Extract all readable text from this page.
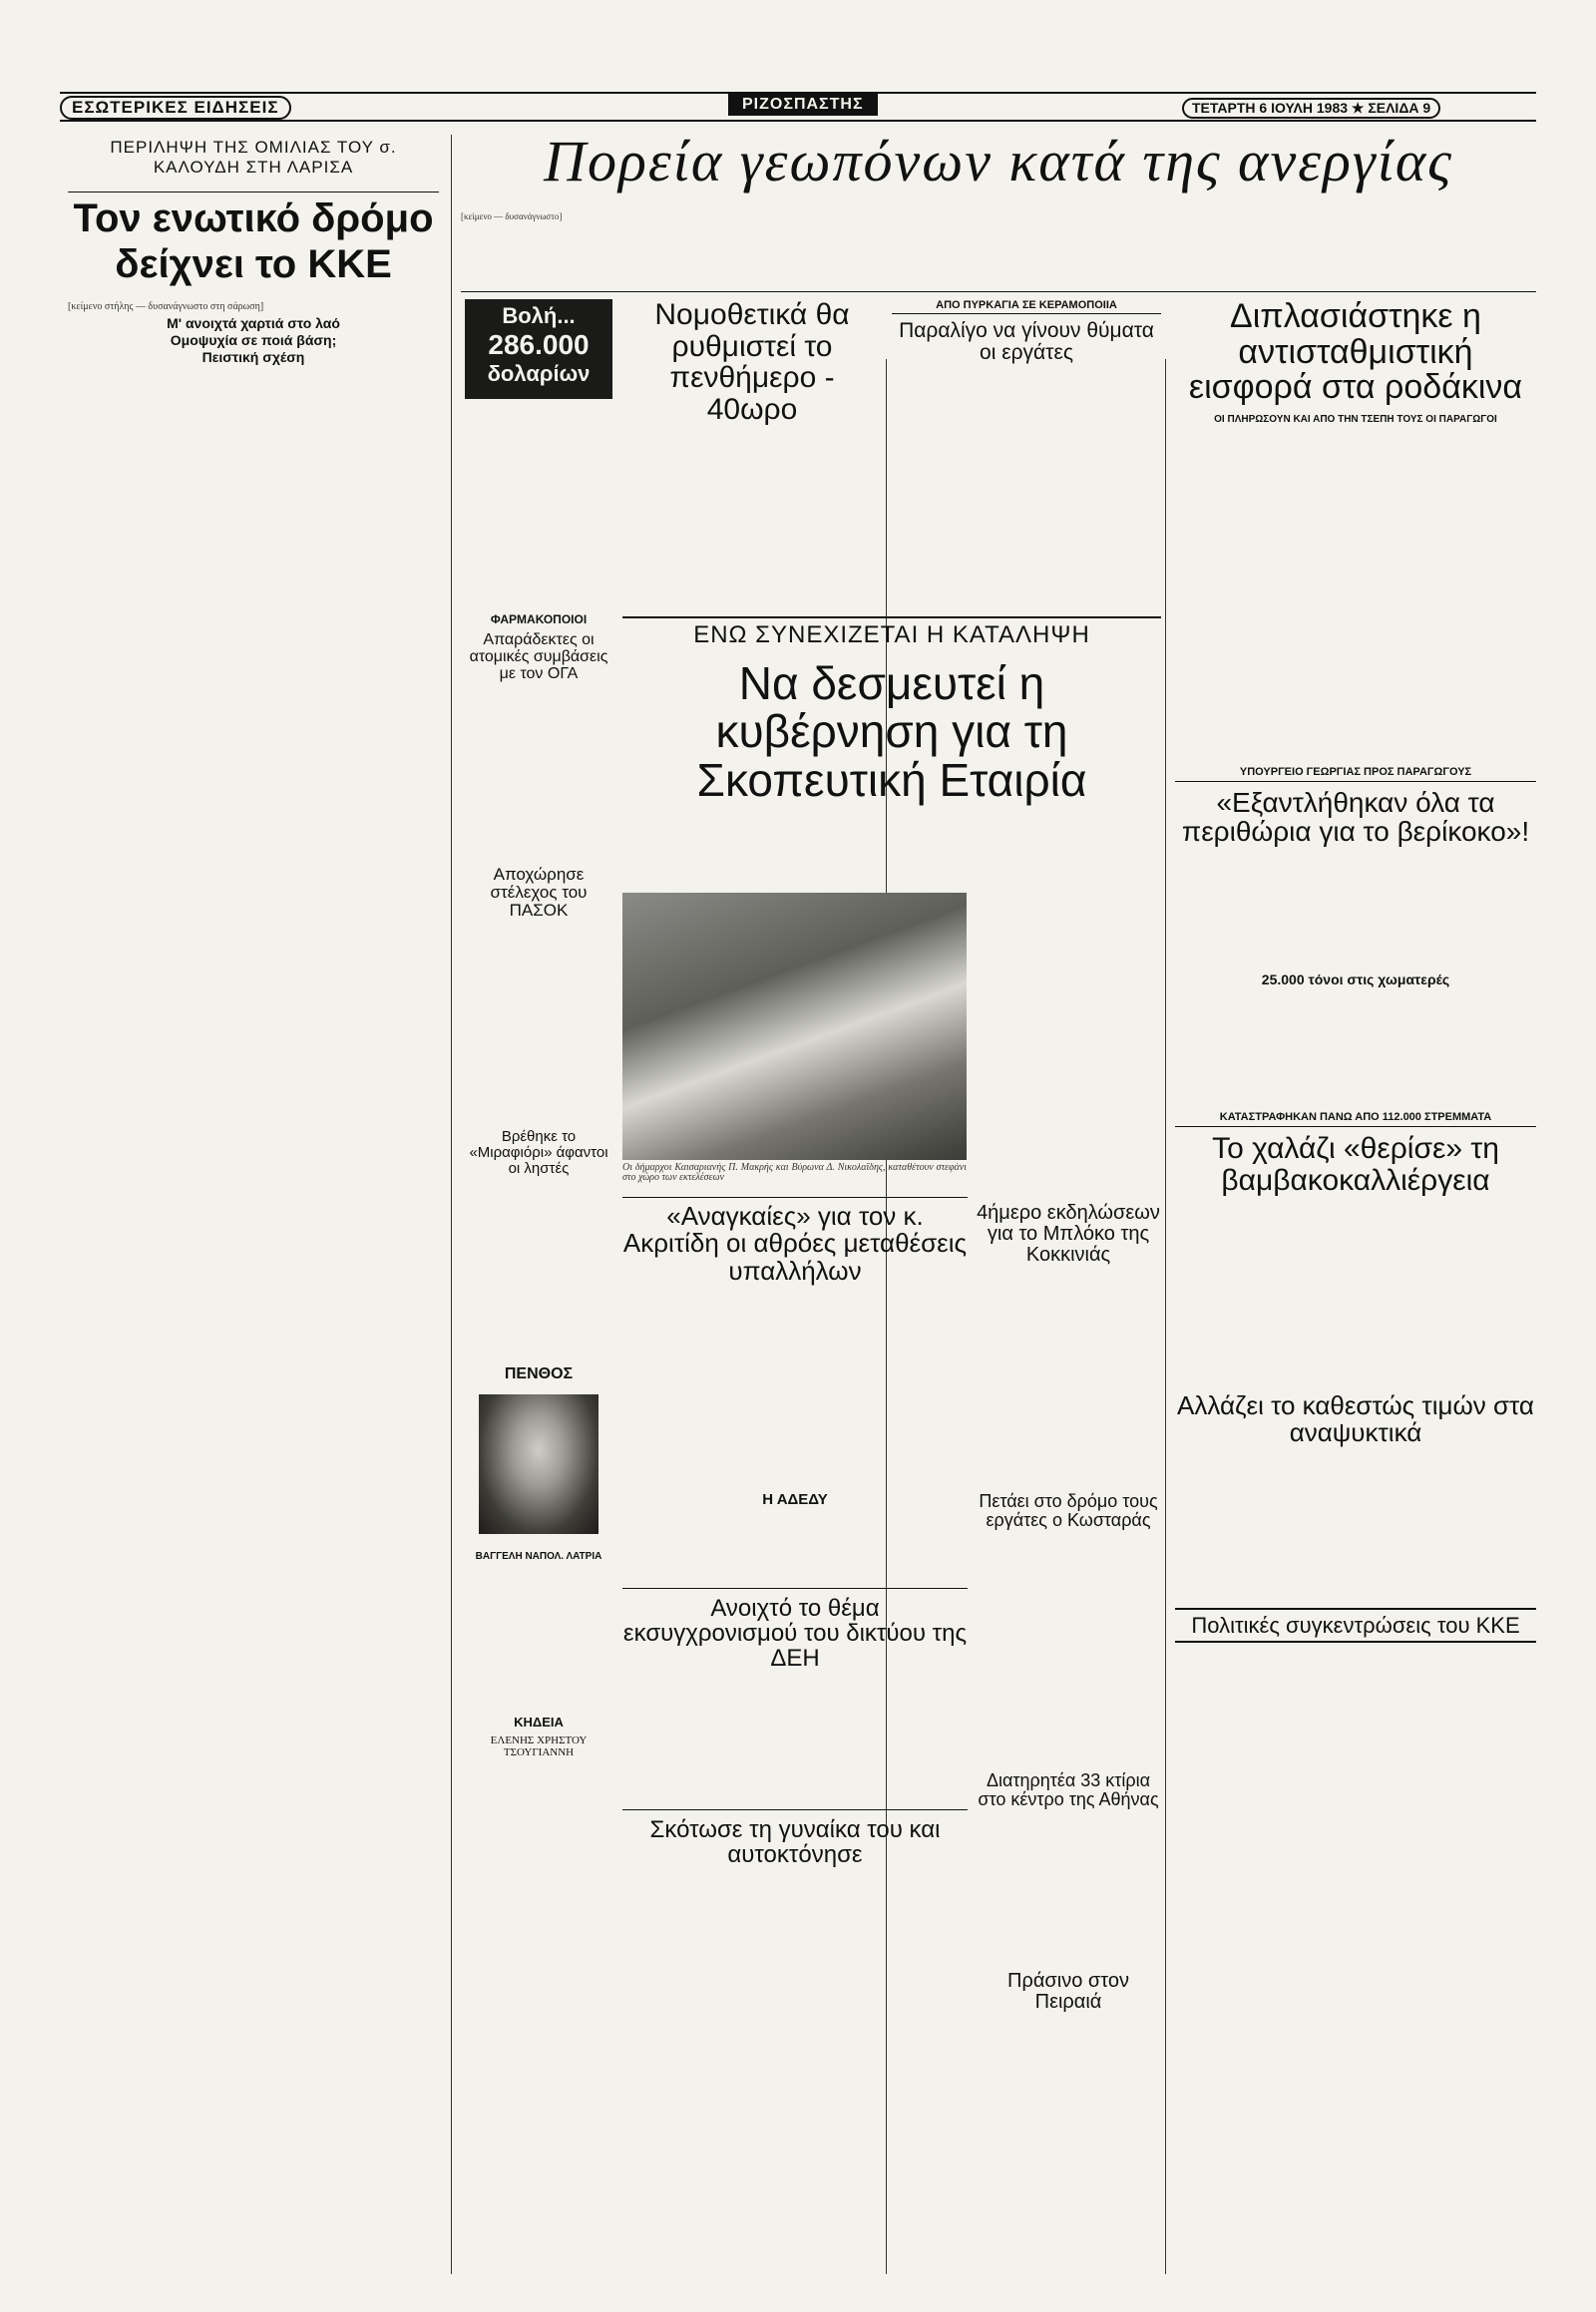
ΕΣΩΤΕΡΙΚΕΣ ΕΙΔΗΣΕΙΣ	ΡΙΖΟΣΠΑΣΤΗΣ	ΤΕΤΑΡΤΗ 6 ΙΟΥΛΗ 1983 ★ ΣΕΛΙΔΑ 9
ΠΕΡΙΛΗΨΗ ΤΗΣ ΟΜΙΛΙΑΣ ΤΟΥ σ. ΚΑΛΟΥΔΗ ΣΤΗ ΛΑΡΙΣΑ
Τον ενωτικό δρόμο δείχνει το ΚΚΕ
[κείμενο στήλης — δυσανάγνωστο στη σάρωση]
Μ' ανοιχτά χαρτιά στο λαό
Ομοψυχία σε ποιά βάση;
Πειστική σχέση
Πορεία γεωπόνων κατά της ανεργίας
[κείμενο — δυσανάγνωστο]
Βολή...
286.000
δολαρίων
ΦΑΡΜΑΚΟΠΟΙΟΙ
Απαράδεκτες οι ατομικές συμβάσεις με τον ΟΓΑ
Αποχώρησε στέλεχος του ΠΑΣΟΚ
Βρέθηκε το «Μιραφιόρι» άφαντοι οι ληστές
ΠΕΝΘΟΣ
ΒΑΓΓΕΛΗ ΝΑΠΟΛ. ΛΑΤΡΙΑ
ΚΗΔΕΙΑ
ΕΛΕΝΗΣ ΧΡΗΣΤΟΥ ΤΣΟΥΓΙΑΝΝΗ
Νομοθετικά θα ρυθμιστεί το πενθήμερο - 40ωρο
ΑΠΟ ΠΥΡΚΑΓΙΑ ΣΕ ΚΕΡΑΜΟΠΟΙΙΑ
Παραλίγο να γίνουν θύματα οι εργάτες
Διπλασιάστηκε η αντισταθμιστική εισφορά στα ροδάκινα
ΟΙ ΠΛΗΡΩΣΟΥΝ ΚΑΙ ΑΠΟ ΤΗΝ ΤΣΕΠΗ ΤΟΥΣ ΟΙ ΠΑΡΑΓΩΓΟΙ
ΕΝΩ ΣΥΝΕΧΙΖΕΤΑΙ Η ΚΑΤΑΛΗΨΗ
Να δεσμευτεί η κυβέρνηση για τη Σκοπευτική Εταιρία
Οι δήμαρχοι Καισαριανής Π. Μακρής και Βύρωνα Δ. Νικολαΐδης, καταθέτουν στεφάνι στο χώρο των εκτελέσεων
ΥΠΟΥΡΓΕΙΟ ΓΕΩΡΓΙΑΣ ΠΡΟΣ ΠΑΡΑΓΩΓΟΥΣ
«Εξαντλήθηκαν όλα τα περιθώρια για το βερίκοκο»!
25.000 τόνοι στις χωματερές
ΚΑΤΑΣΤΡΑΦΗΚΑΝ ΠΑΝΩ ΑΠΟ 112.000 ΣΤΡΕΜΜΑΤΑ
Το χαλάζι «θερίσε» τη βαμβακοκαλλιέργεια
«Αναγκαίες» για τον κ. Ακριτίδη οι αθρόες μεταθέσεις υπαλλήλων
4ήμερο εκδηλώσεων για το Μπλόκο της Κοκκινιάς
Η ΑΔΕΔΥ	Πετάει στο δρόμο τους εργάτες ο Κωσταράς
Αλλάζει το καθεστώς τιμών στα αναψυκτικά
Ανοιχτό το θέμα εκσυγχρονισμού του δικτύου της ΔΕΗ
Διατηρητέα 33 κτίρια στο κέντρο της Αθήνας
Πολιτικές συγκεντρώσεις του ΚΚΕ
Σκότωσε τη γυναίκα του και αυτοκτόνησε
Πράσινο στον Πειραιά
